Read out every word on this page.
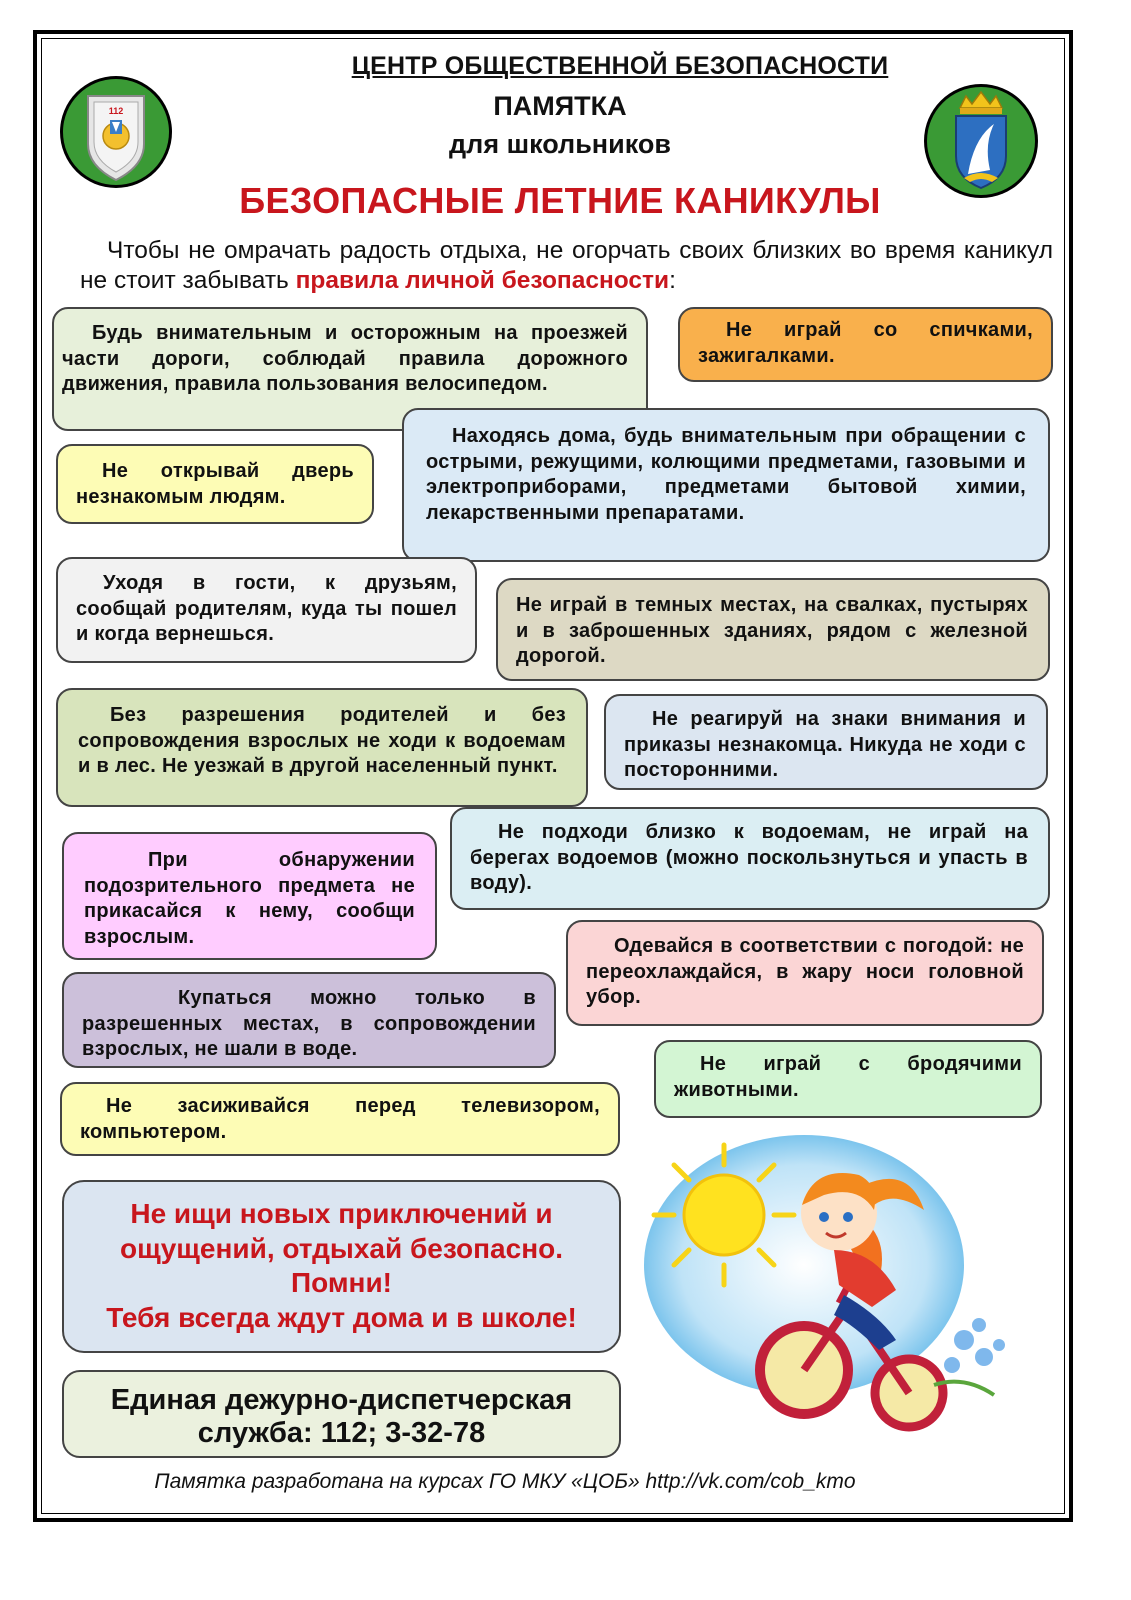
112
ЦЕНТР ОБЩЕСТВЕННОЙ БЕЗОПАСНОСТИ
ПАМЯТКА
для школьников
БЕЗОПАСНЫЕ ЛЕТНИЕ КАНИКУЛЫ
Чтобы не омрачать радость отдыха, не огорчать своих близких во время каникул не стоит забывать правила личной безопасности:
Будь внимательным и осторожным на проезжей части дороги, соблюдай правила дорожного движения, правила пользования велосипедом.
Не играй со спичками, зажигалками.
Не открывай дверь незнакомым людям.
Находясь дома, будь внимательным при обращении с острыми, режущими, колющими предметами, газовыми и электроприборами, предметами бытовой химии, лекарственными препаратами.
Уходя в гости, к друзьям, сообщай родителям, куда ты пошел и когда вернешься.
Не играй в темных местах, на свалках, пустырях и в заброшенных зданиях, рядом с железной дорогой.
Без разрешения родителей и без сопровождения взрослых не ходи к водоемам и в лес. Не уезжай в другой населенный пункт.
Не реагируй на знаки внимания и приказы незнакомца. Никуда не ходи с посторонними.
Не подходи близко к водоемам, не играй на берегах водоемов (можно поскользнуться и упасть в воду).
При обнаружении подозрительного предмета не прикасайся к нему, сообщи взрослым.	Одевайся в соответствии с погодой: не переохлаждайся, в жару носи головной убор.
Купаться можно только в разрешенных местах, в сопровождении взрослых, не шали в воде.
Не играй с бродячими животными.
Не засиживайся перед телевизором, компьютером.
Не ищи новых приключений и
ощущений, отдыхай безопасно.
Помни!
Тебя всегда ждут дома и в школе!
Единая дежурно-диспетчерская
служба: 112; 3-32-78
Памятка разработана на курсах ГО МКУ «ЦОБ» http://vk.com/cob_kmo
